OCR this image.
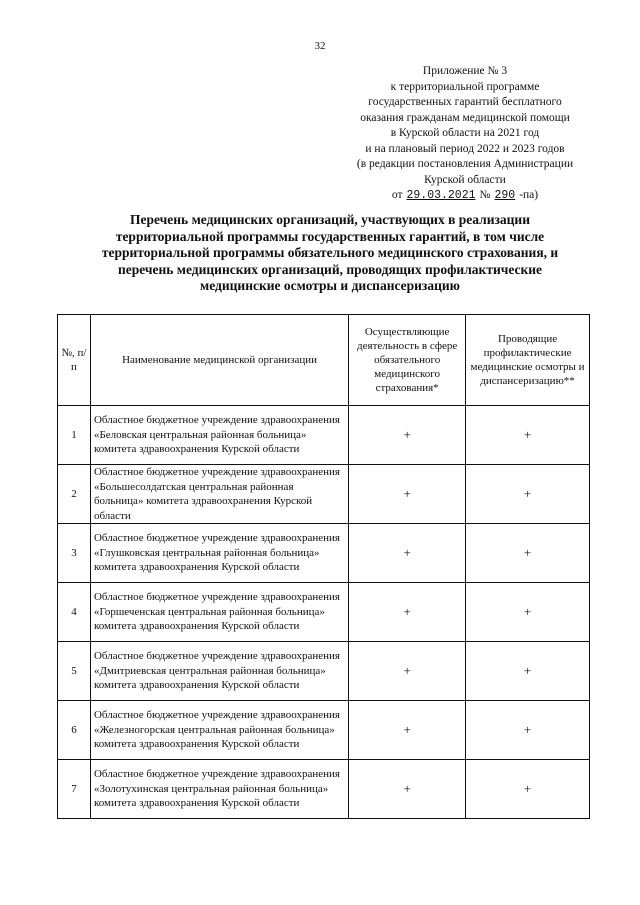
32
Приложение № 3
к территориальной программе
государственных гарантий бесплатного
оказания гражданам медицинской помощи
в Курской области на 2021 год
и на плановый период 2022 и 2023 годов
(в редакции постановления Администрации
Курской области
от 29.03.2021 № 290 -па)
Перечень медицинских организаций, участвующих в реализации территориальной программы государственных гарантий, в том числе территориальной программы обязательного медицинского страхования, и перечень медицинских организаций, проводящих профилактические медицинские осмотры и диспансеризацию
№, п/п	Наименование медицинской организации	Осуществляющие деятельность в сфере обязательного медицинского страхования*	Проводящие профилактические медицинские осмотры и диспансеризацию**
1	Областное бюджетное учреждение здравоохранения «Беловская центральная районная больница» комитета здравоохранения Курской области	+	+
2	Областное бюджетное учреждение здравоохранения «Большесолдатская центральная районная больница» комитета здравоохранения Курской области	+	+
3	Областное бюджетное учреждение здравоохранения «Глушковская центральная районная больница» комитета здравоохранения Курской области	+	+
4	Областное бюджетное учреждение здравоохранения «Горшеченская центральная районная больница» комитета здравоохранения Курской области	+	+
5	Областное бюджетное учреждение здравоохранения «Дмитриевская центральная районная больница» комитета здравоохранения Курской области	+	+
6	Областное бюджетное учреждение здравоохранения «Железногорская центральная районная больница» комитета здравоохранения Курской области	+	+
7	Областное бюджетное учреждение здравоохранения «Золотухинская центральная районная больница» комитета здравоохранения Курской области	+	+
